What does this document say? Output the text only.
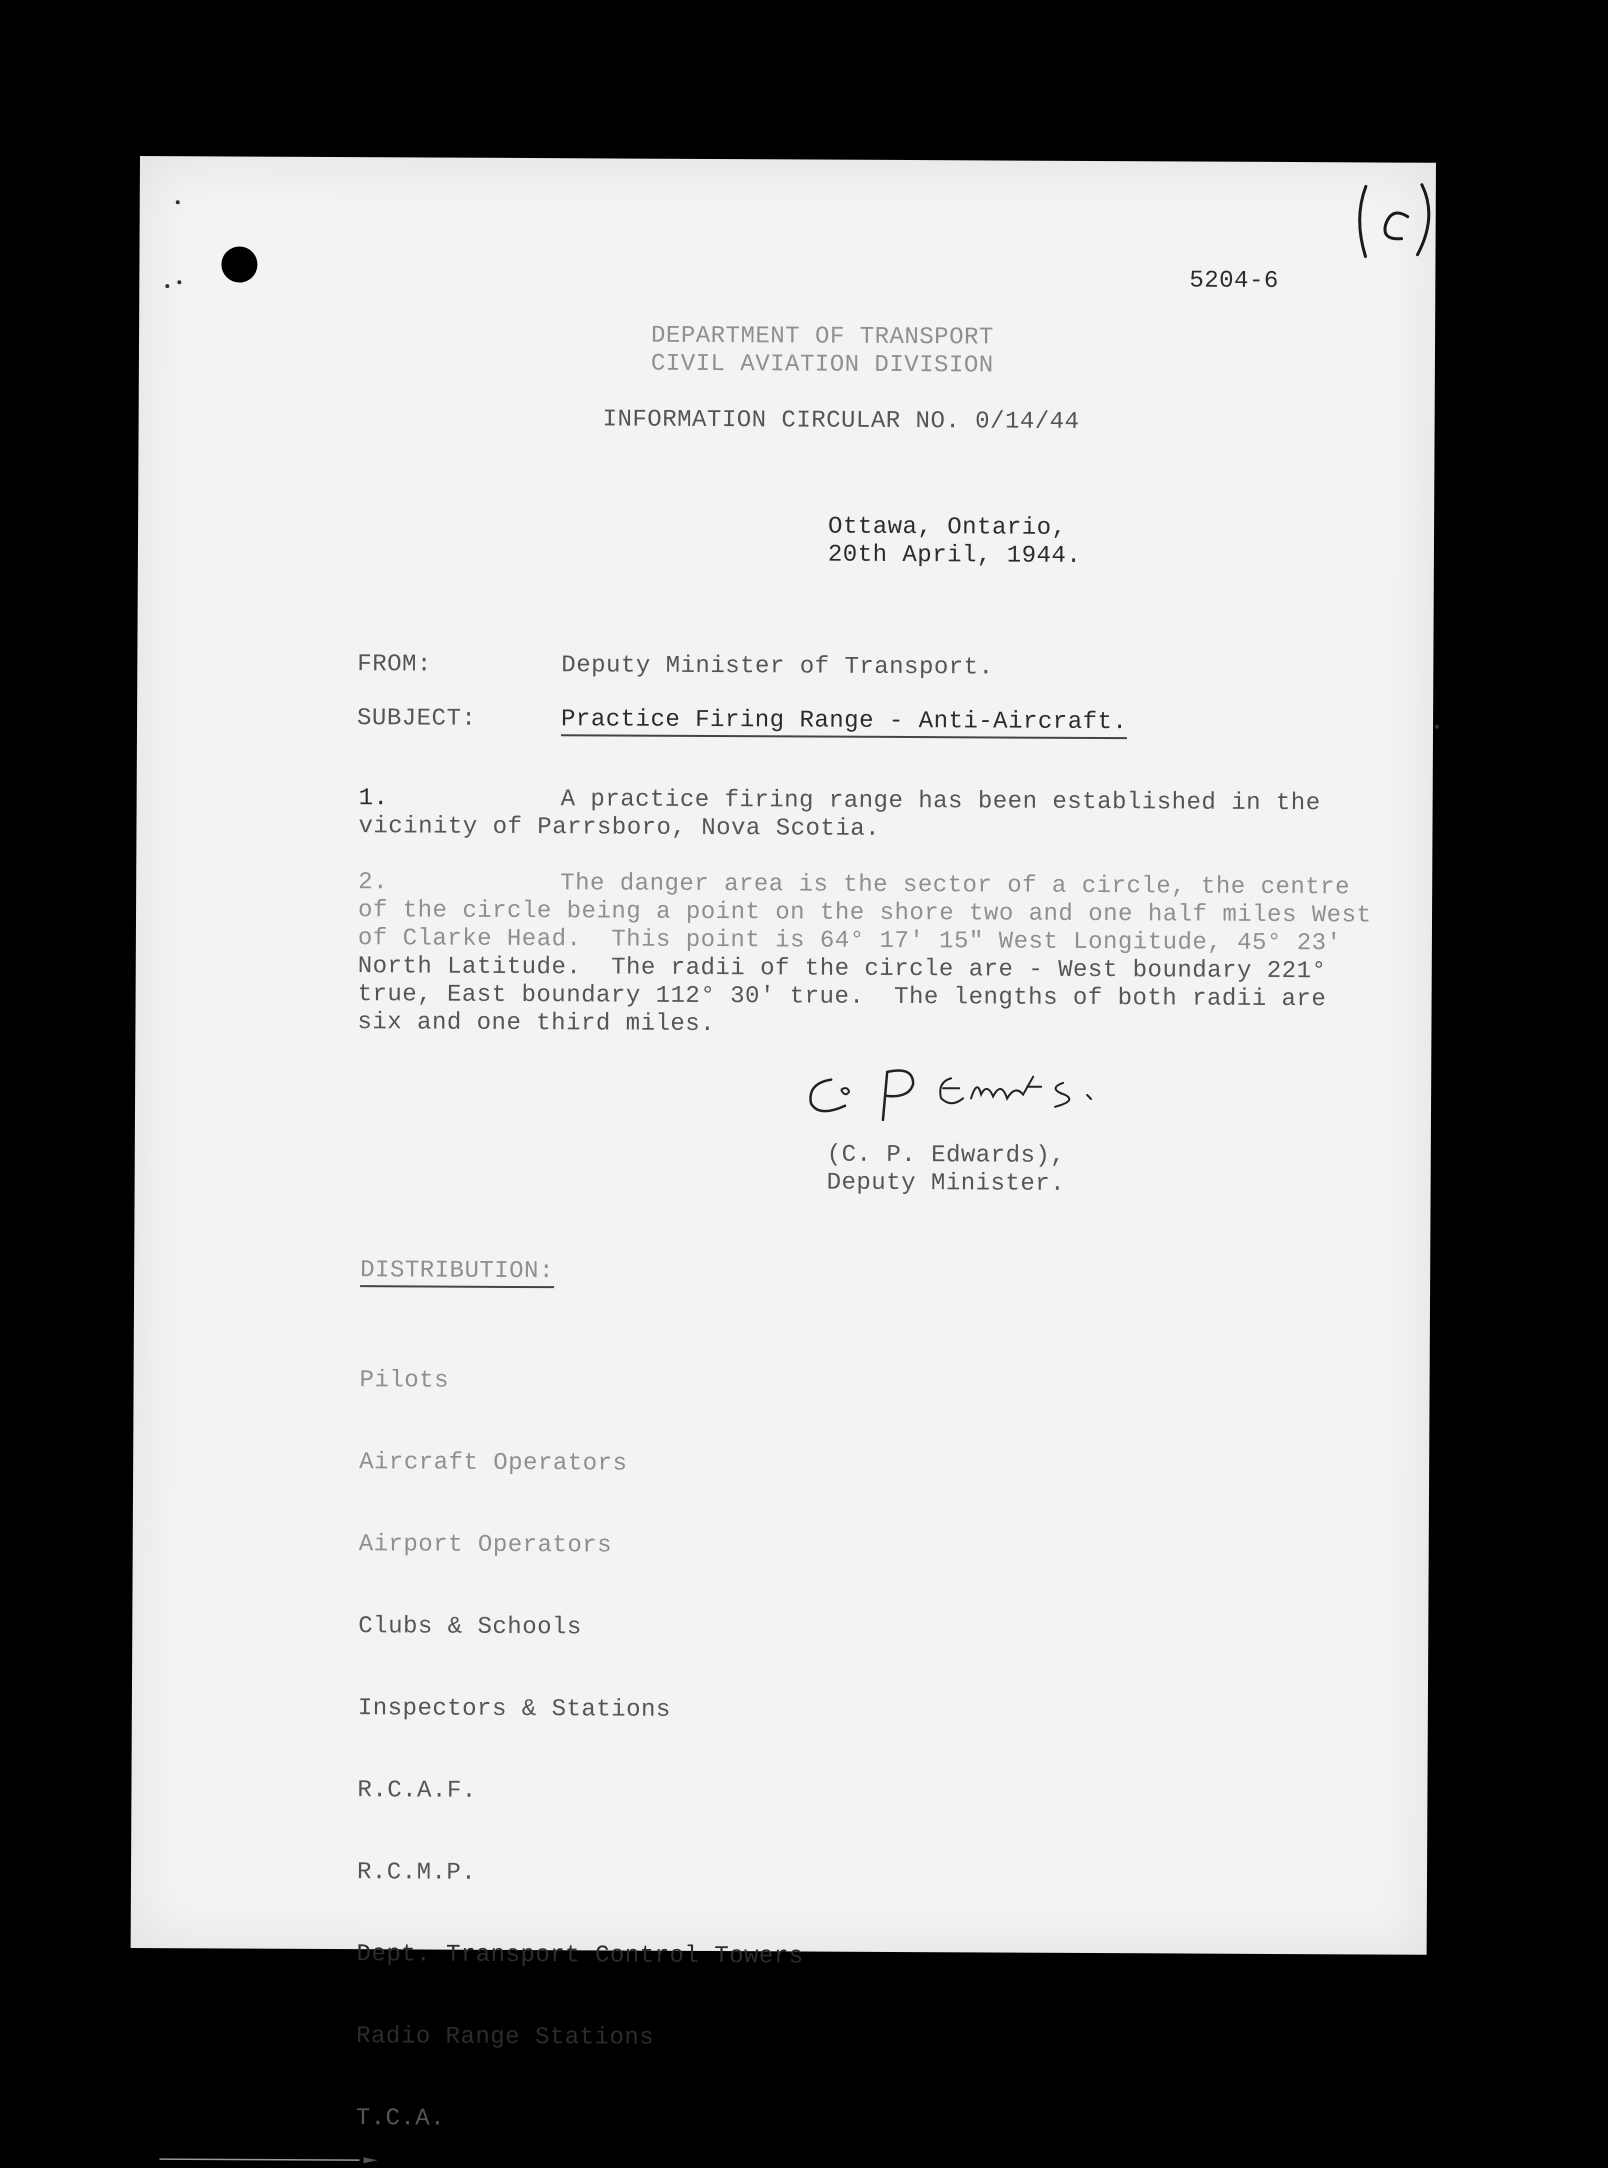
5204-6
DEPARTMENT OF TRANSPORT
CIVIL AVIATION DIVISION
INFORMATION CIRCULAR NO. 0/14/44
Ottawa, Ontario,
20th April, 1944.
FROM:	Deputy Minister of Transport.
SUBJECT:	Practice Firing Range - Anti-Aircraft.
1.	A practice firing range has been established in the
vicinity of Parrsboro, Nova Scotia.
2.	The danger area is the sector of a circle, the centre
of the circle being a point on the shore two and one half miles West
of Clarke Head.  This point is 64° 17' 15" West Longitude, 45° 23'
North Latitude.  The radii of the circle are - West boundary 221°
true, East boundary 112° 30' true.  The lengths of both radii are
six and one third miles.
(C. P. Edwards),
Deputy Minister.
DISTRIBUTION:

Pilots

Aircraft Operators

Airport Operators

Clubs & Schools

Inspectors & Stations

R.C.A.F.

R.C.M.P.

Dept. Transport Control Towers

Radio Range Stations

T.C.A.
